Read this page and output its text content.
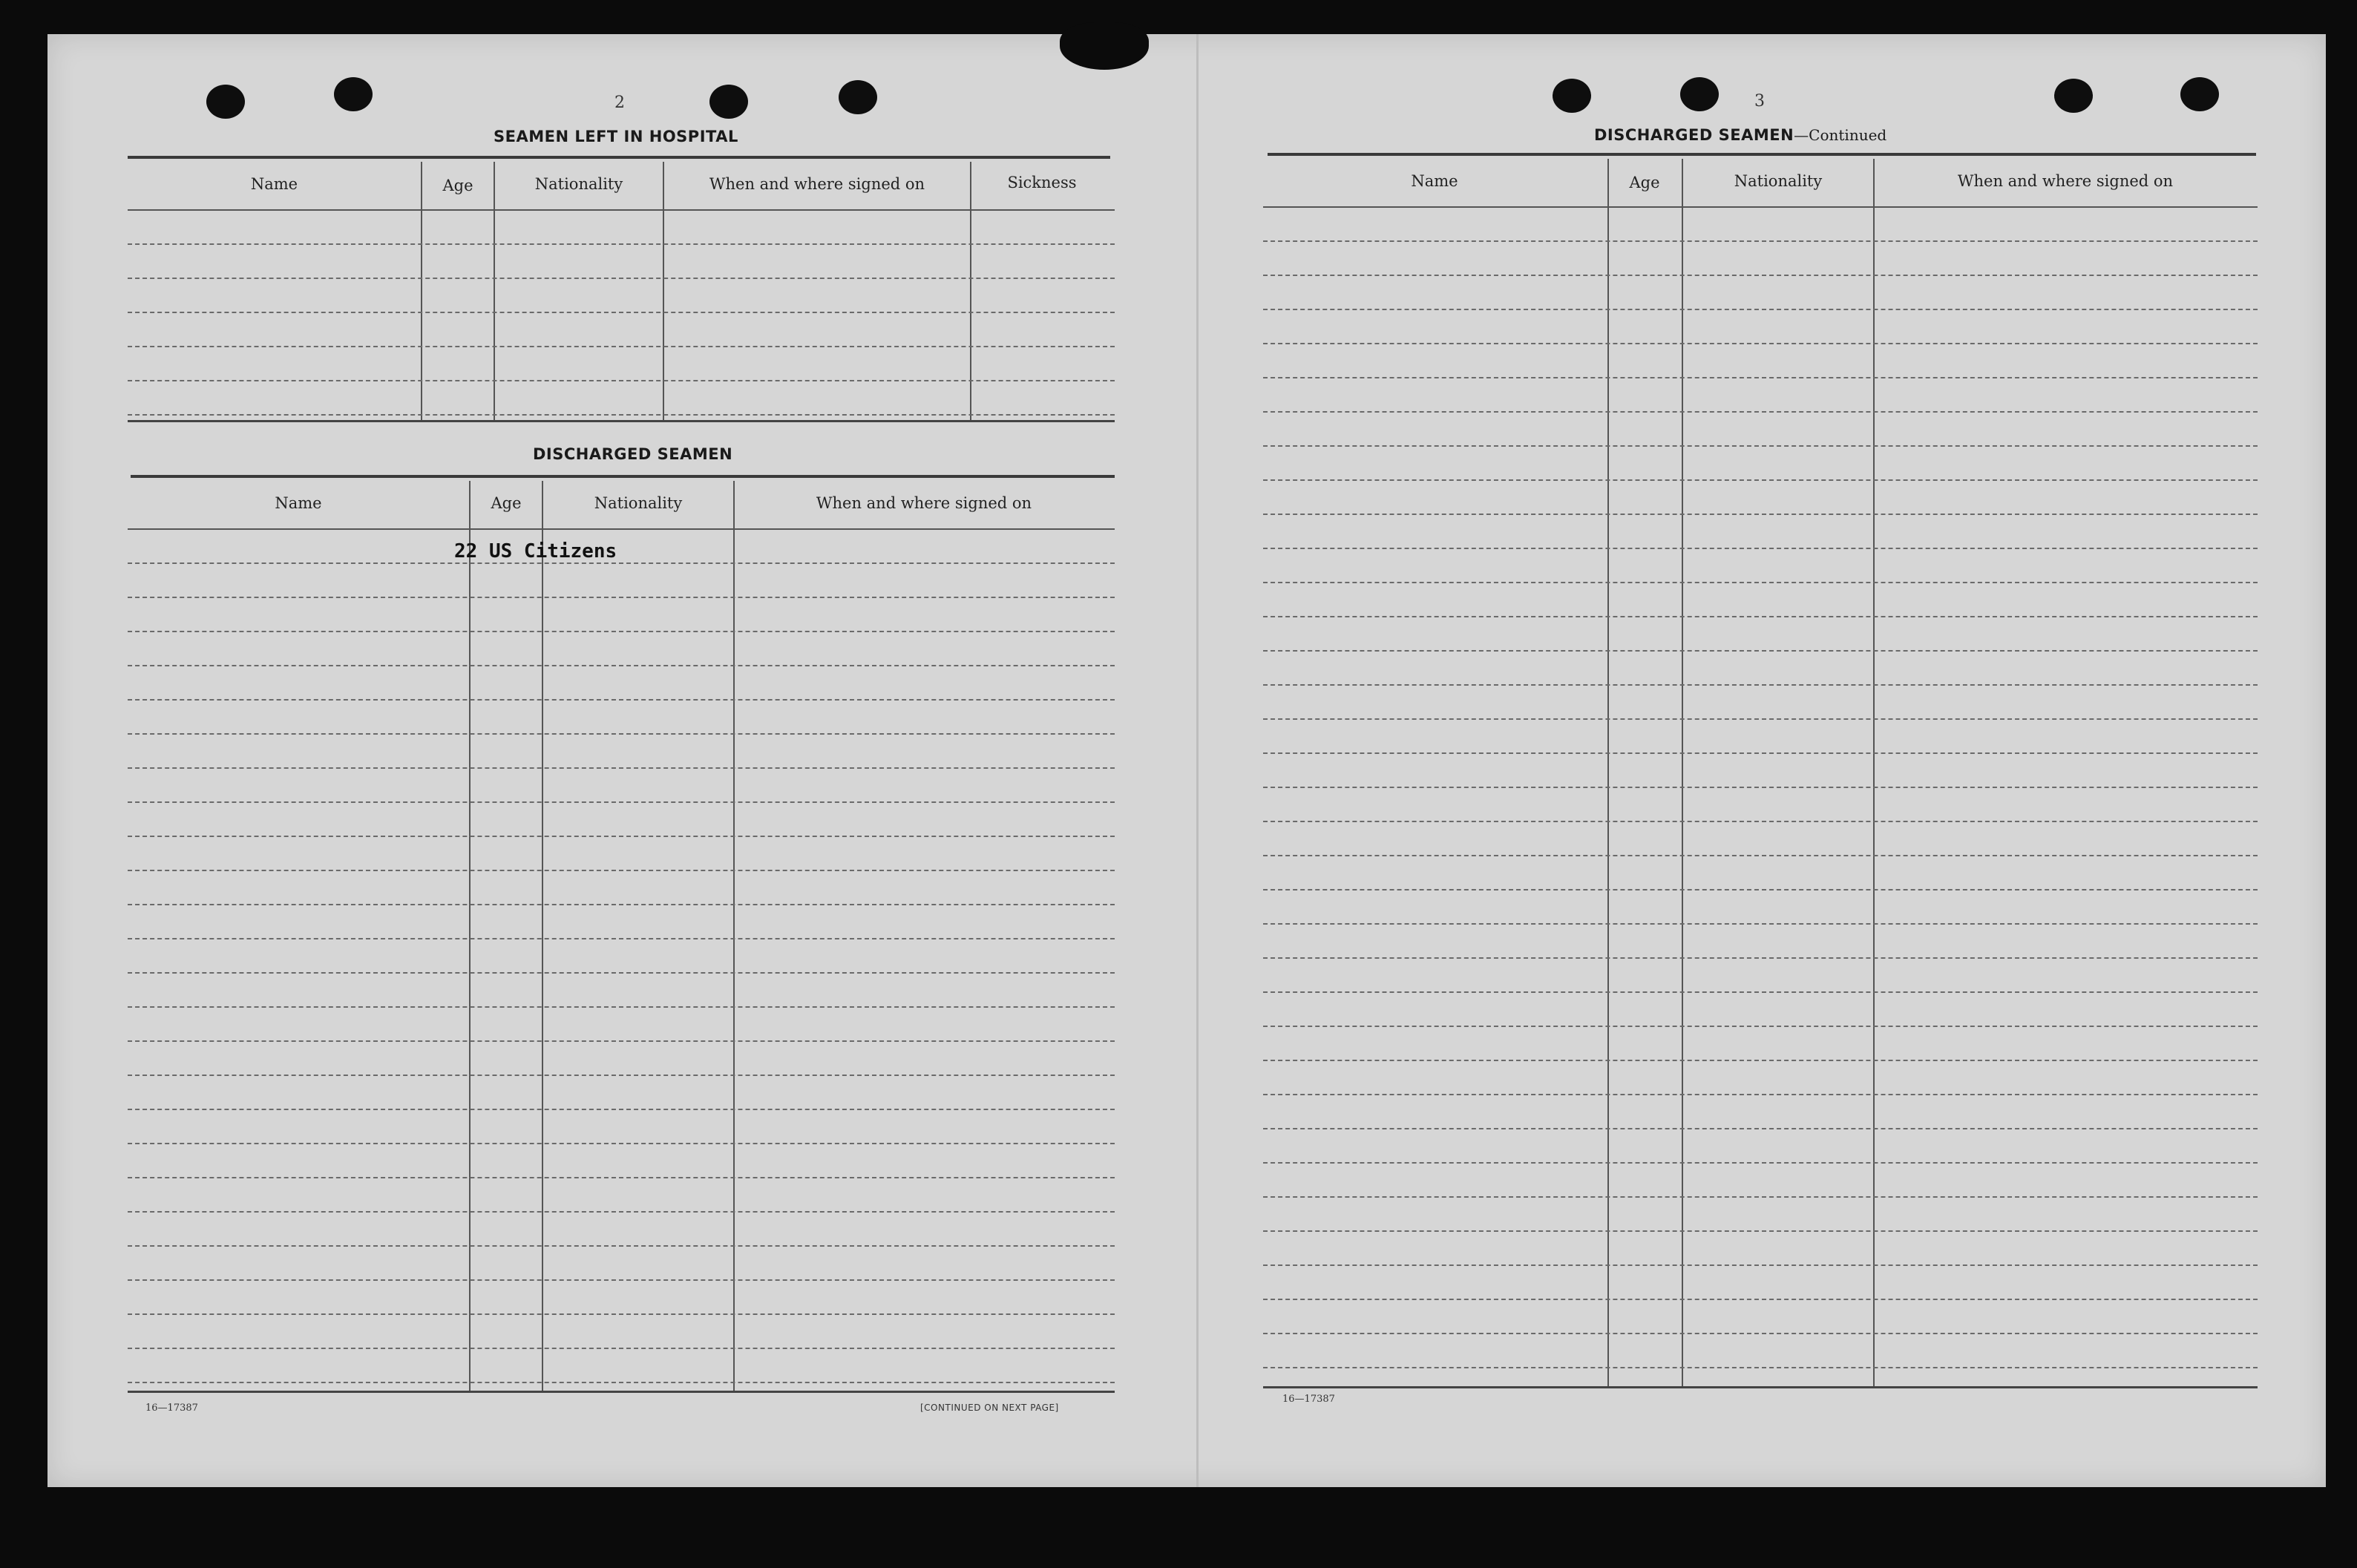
2
SEAMEN LEFT IN HOSPITAL
Name	Age	Nationality	When and where signed on	Sickness
DISCHARGED SEAMEN
Name	Age	Nationality	When and where signed on
22 US Citizens
16—17387	[CONTINUED ON NEXT PAGE]
3
DISCHARGED SEAMEN—Continued
Name	Age	Nationality	When and where signed on
16—17387
